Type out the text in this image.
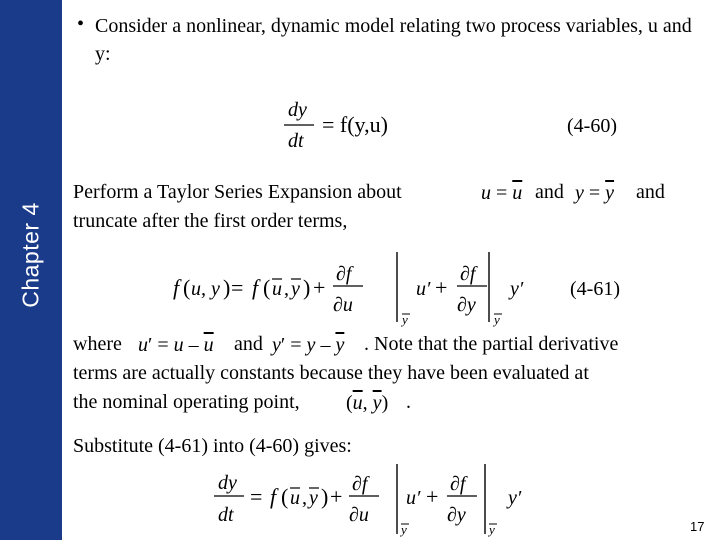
Chapter 4
• Consider a nonlinear, dynamic model relating two process variables, u and y:
dy
dt
= f(y,u)	(4-60)
Perform a Taylor Series Expansion about	$u = \overline{u}$ and $y = \overline{y}$ and
truncate after the first order terms,
f ( u, y ) = f ( u , y ) +
∂f
∂u
y
u′ +
∂f
∂y
y
y′ (4-61)
where $u' = u - \overline{u}$ and $y' = y - \overline{y}$ . Note that the partial derivative
terms are actually constants because they have been evaluated at
the nominal operating point, ($\overline{u}$, $\overline{y}$) .
Substitute (4-61) into (4-60) gives:
dy
dt
= f ( u , y ) + ∂f
∂u
y
u′ + ∂f
∂y
y
y′
17
